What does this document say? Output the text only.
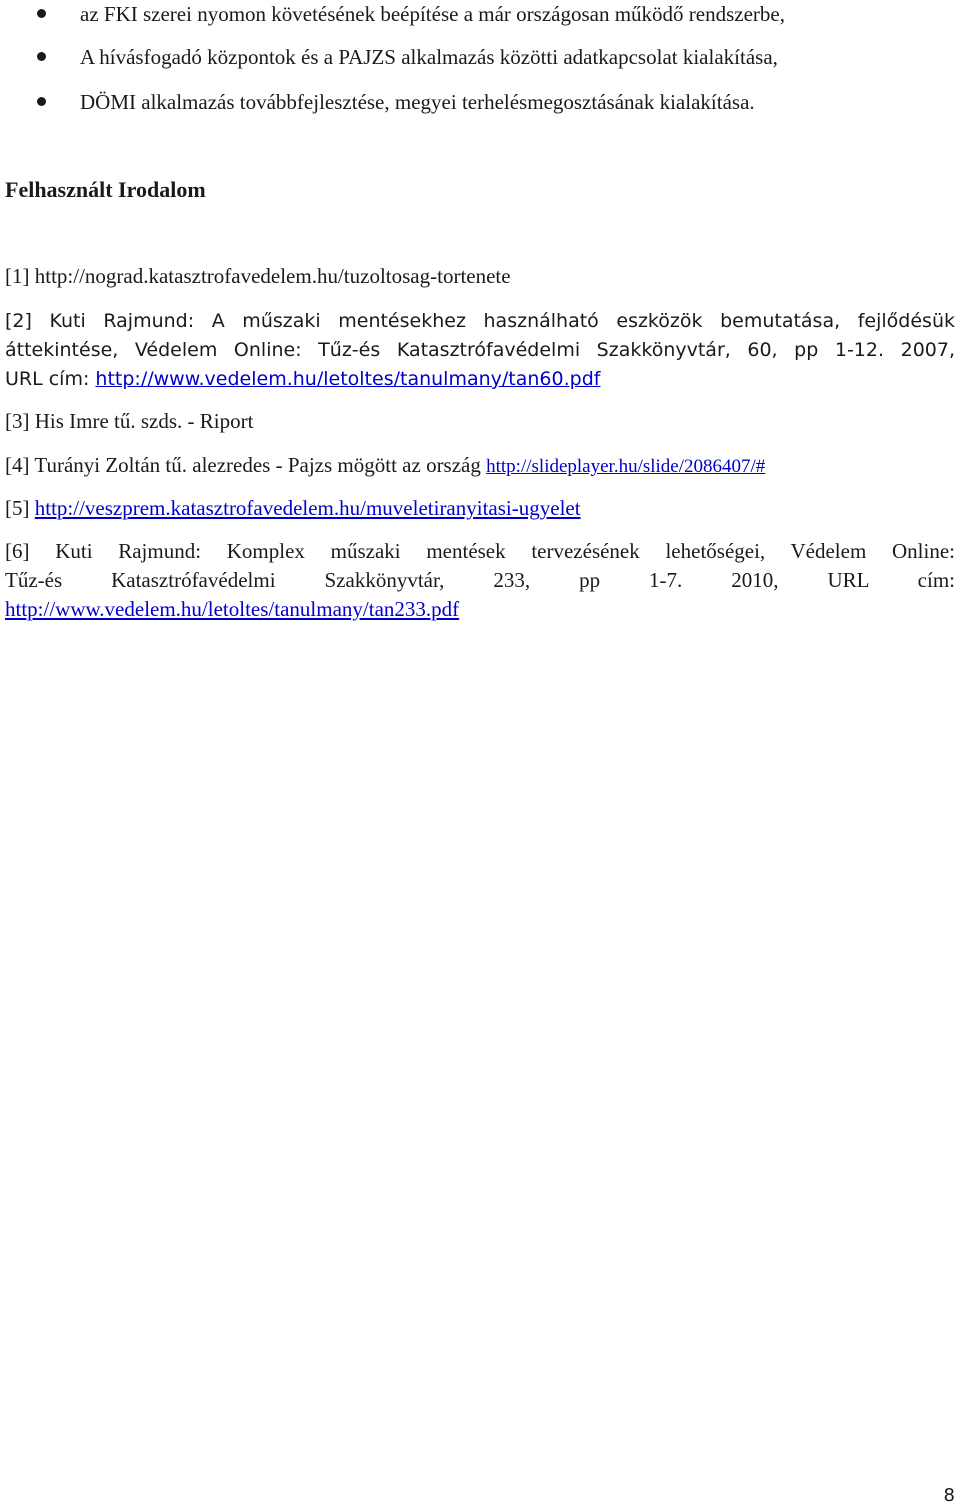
az FKI szerei nyomon követésének beépítése a már országosan működő rendszerbe,
A hívásfogadó központok és a PAJZS alkalmazás közötti adatkapcsolat kialakítása,
DÖMI alkalmazás továbbfejlesztése, megyei terhelésmegosztásának kialakítása.
Felhasznált Irodalom
[1] http://nograd.katasztrofavedelem.hu/tuzoltosag-tortenete
[2] Kuti Rajmund: A műszaki mentésekhez használható eszközök bemutatása, fejlődésük
áttekintése, Védelem Online: Tűz-és Katasztrófavédelmi Szakkönyvtár, 60, pp 1-12. 2007,
URL cím: http://www.vedelem.hu/letoltes/tanulmany/tan60.pdf
[3] His Imre tű. szds. - Riport
[4] Turányi Zoltán tű. alezredes - Pajzs mögött az ország http://slideplayer.hu/slide/2086407/#
[5] http://veszprem.katasztrofavedelem.hu/muveletiranyitasi-ugyelet
[6] Kuti Rajmund: Komplex műszaki mentések tervezésének lehetőségei, Védelem Online:
Tűz-és Katasztrófavédelmi Szakkönyvtár, 233, pp 1-7. 2010, URL cím:
http://www.vedelem.hu/letoltes/tanulmany/tan233.pdf
8
